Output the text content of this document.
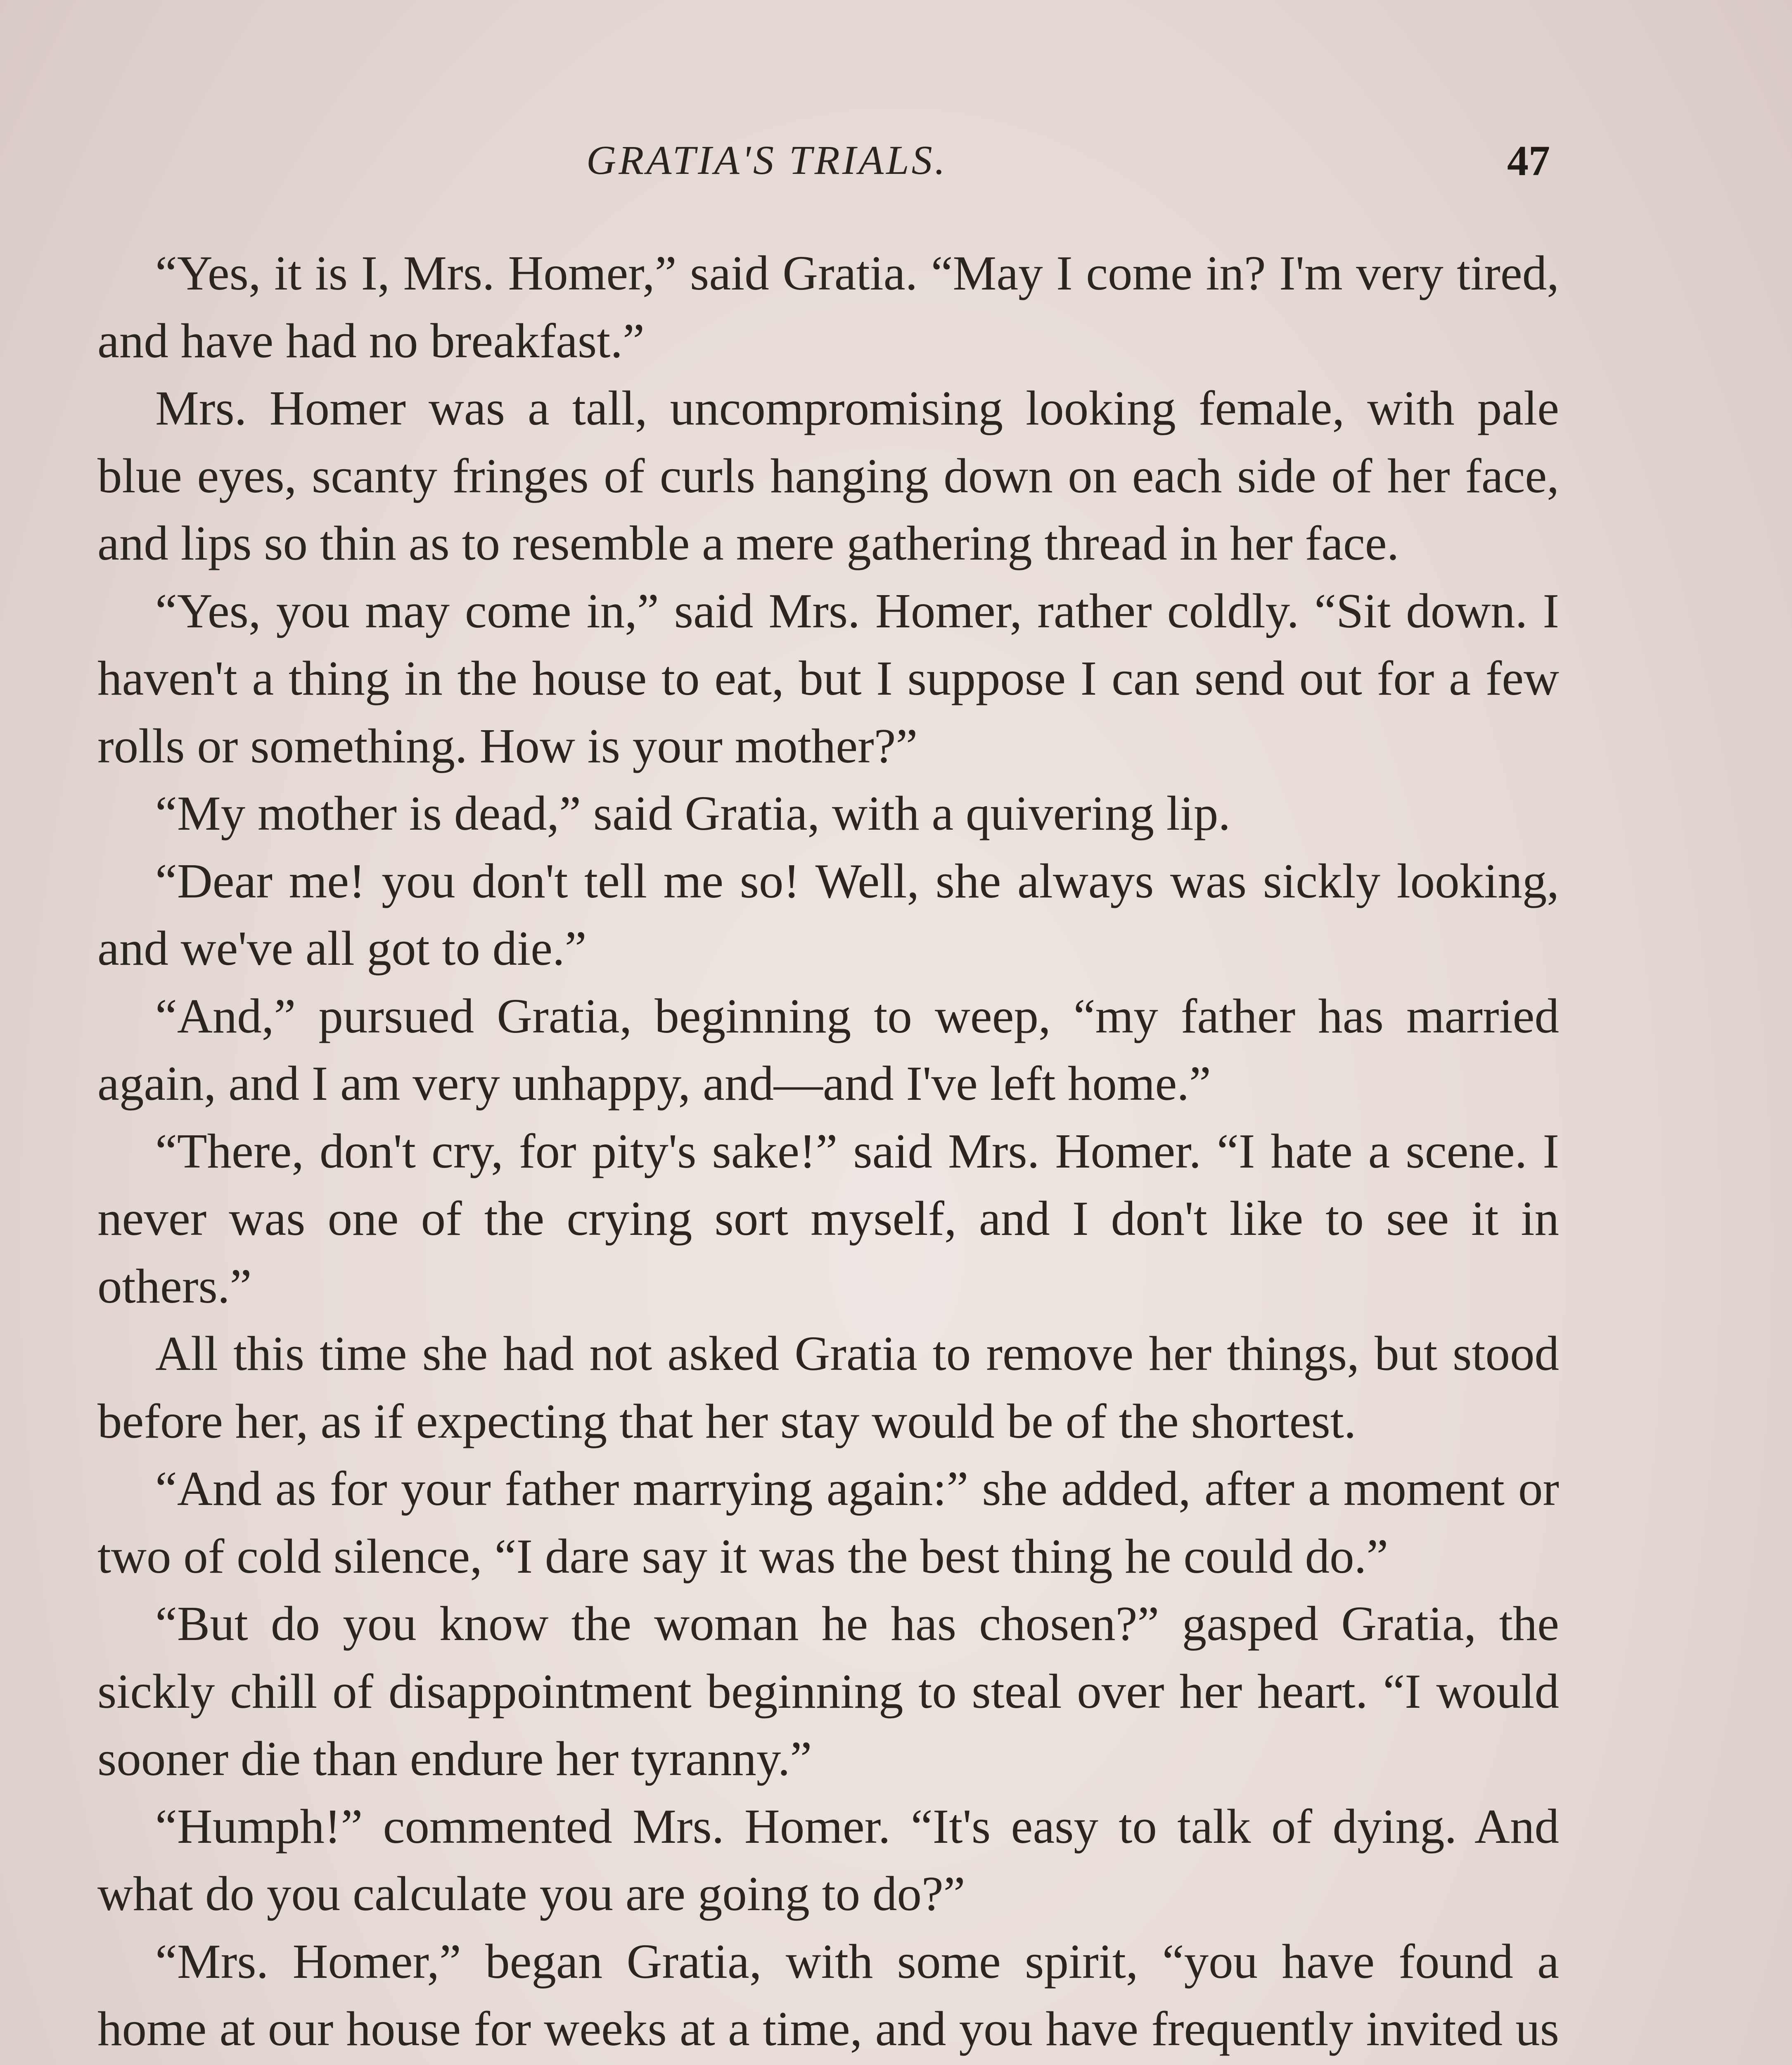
GRATIA'S TRIALS.	47

“Yes, it is I, Mrs. Homer,” said Gratia. “May I come in? I'm very tired, and have had no breakfast.”

Mrs. Homer was a tall, uncompromising looking female, with pale blue eyes, scanty fringes of curls hanging down on each side of her face, and lips so thin as to resemble a mere gathering thread in her face.

“Yes, you may come in,” said Mrs. Homer, rather coldly. “Sit down. I haven't a thing in the house to eat, but I suppose I can send out for a few rolls or something. How is your mother?”

“My mother is dead,” said Gratia, with a quivering lip.

“Dear me! you don't tell me so! Well, she always was sickly looking, and we've all got to die.”

“And,” pursued Gratia, beginning to weep, “my father has married again, and I am very unhappy, and—and I've left home.”

“There, don't cry, for pity's sake!” said Mrs. Homer. “I hate a scene. I never was one of the crying sort myself, and I don't like to see it in others.”

All this time she had not asked Gratia to remove her things, but stood before her, as if expecting that her stay would be of the shortest.

“And as for your father marrying again:” she added, after a moment or two of cold silence, “I dare say it was the best thing he could do.”

“But do you know the woman he has chosen?” gasped Gratia, the sickly chill of disappointment beginning to steal over her heart. “I would sooner die than endure her tyranny.”

“Humph!” commented Mrs. Homer. “It's easy to talk of dying. And what do you calculate you are going to do?”

“Mrs. Homer,” began Gratia, with some spirit, “you have found a home at our house for weeks at a time, and you have frequently invited us
